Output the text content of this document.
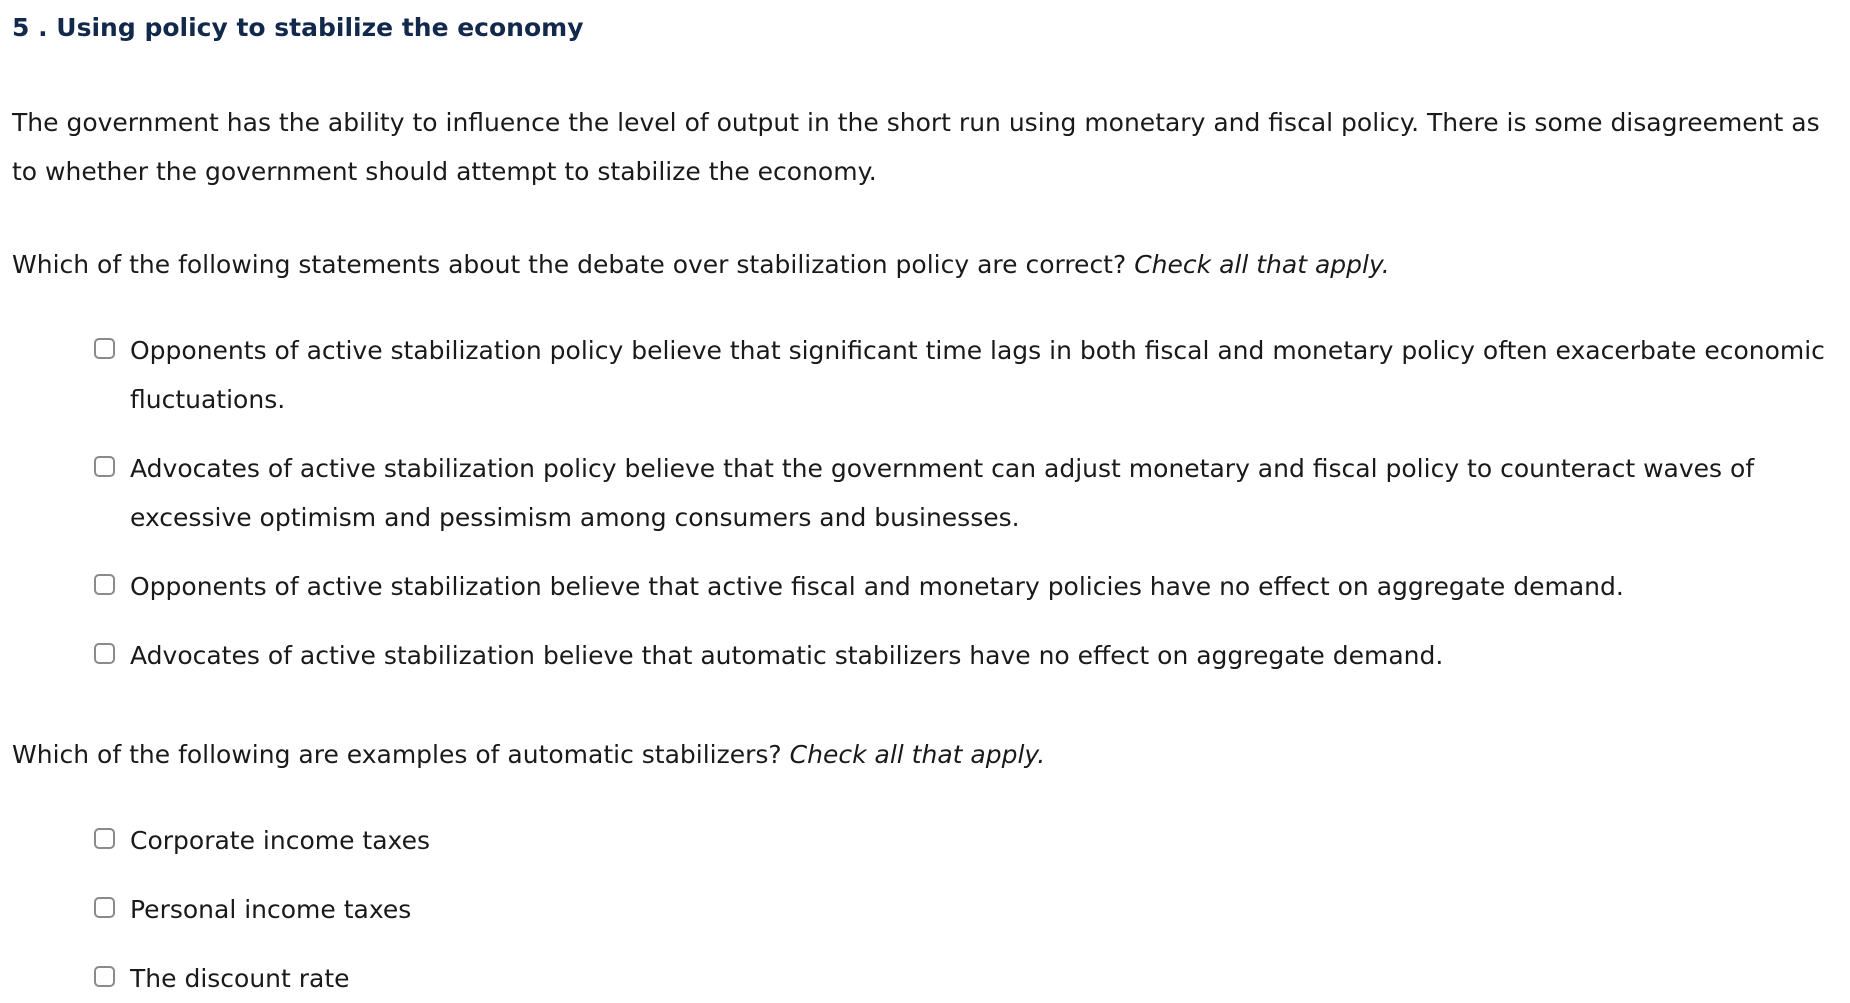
5 . Using policy to stabilize the economy

The government has the ability to influence the level of output in the short run using monetary and fiscal policy. There is some disagreement as to whether the government should attempt to stabilize the economy.

Which of the following statements about the debate over stabilization policy are correct? Check all that apply.

Opponents of active stabilization policy believe that significant time lags in both fiscal and monetary policy often exacerbate economic fluctuations.
Advocates of active stabilization policy believe that the government can adjust monetary and fiscal policy to counteract waves of excessive optimism and pessimism among consumers and businesses.
Opponents of active stabilization believe that active fiscal and monetary policies have no effect on aggregate demand.
Advocates of active stabilization believe that automatic stabilizers have no effect on aggregate demand.

Which of the following are examples of automatic stabilizers? Check all that apply.

Corporate income taxes
Personal income taxes
The discount rate
